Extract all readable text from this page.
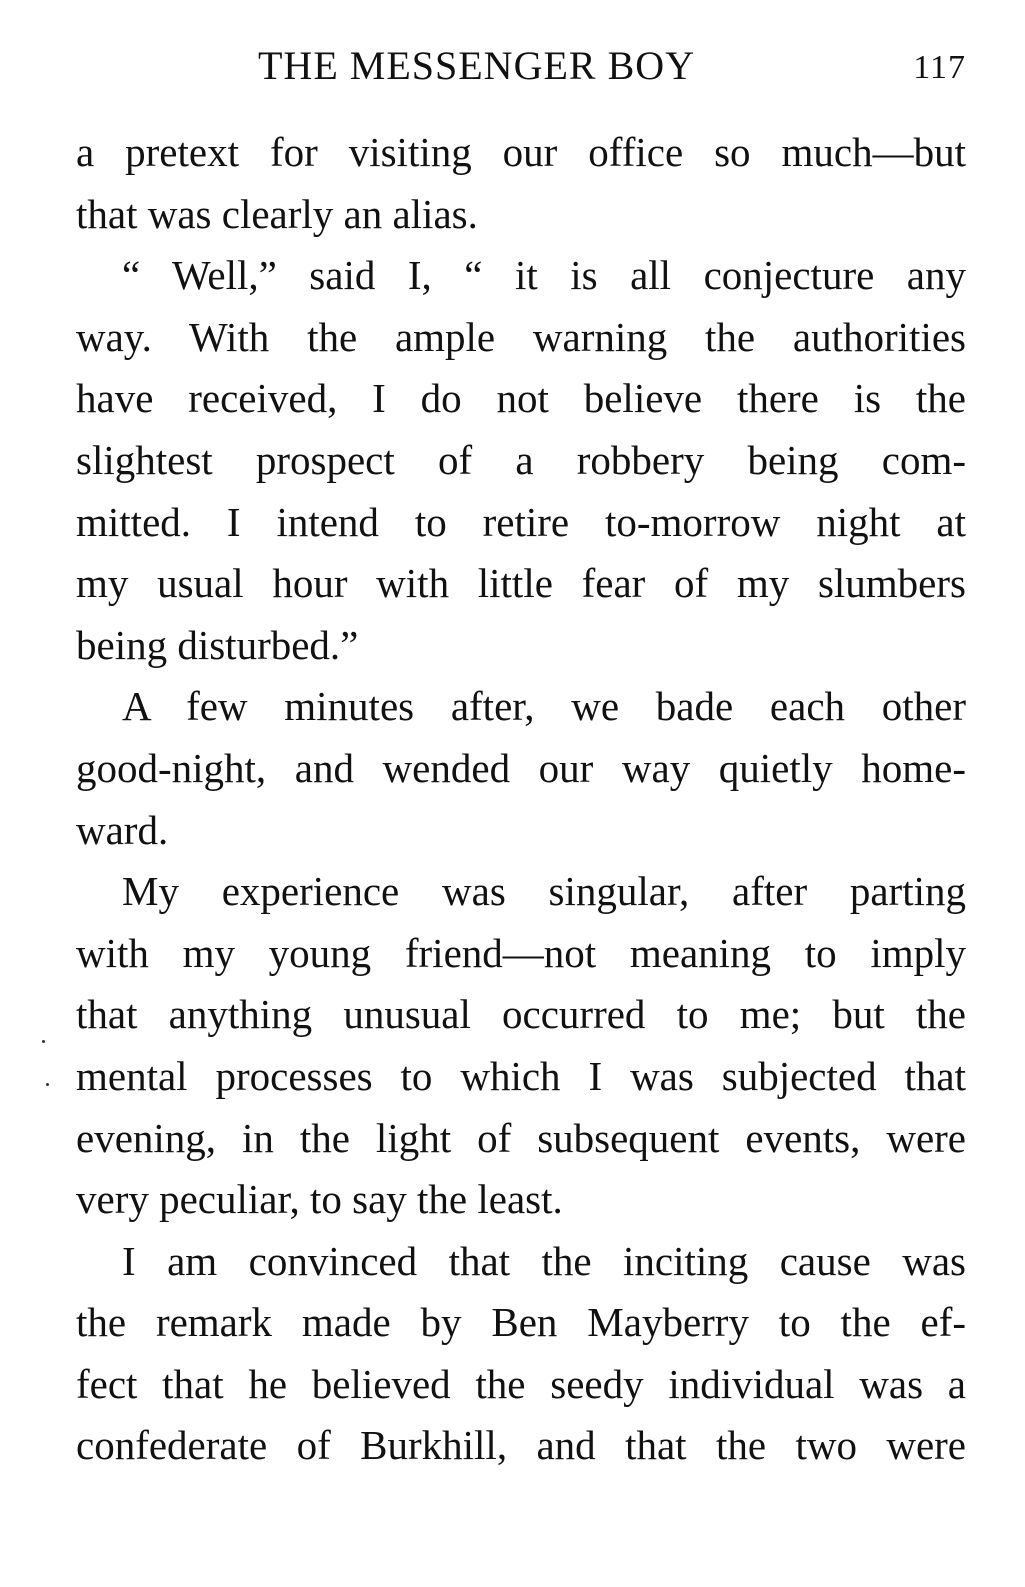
THE MESSENGER BOY	117
a pretext for visiting our office so much—but
that was clearly an alias.
“ Well,” said I, “ it is all conjecture any
way. With the ample warning the authorities
have received, I do not believe there is the
slightest prospect of a robbery being com-
mitted. I intend to retire to-morrow night at
my usual hour with little fear of my slumbers
being disturbed.”
A few minutes after, we bade each other
good-night, and wended our way quietly home-
ward.
My experience was singular, after parting
with my young friend—not meaning to imply
that anything unusual occurred to me; but the
mental processes to which I was subjected that
evening, in the light of subsequent events, were
very peculiar, to say the least.
I am convinced that the inciting cause was
the remark made by Ben Mayberry to the ef-
fect that he believed the seedy individual was a
confederate of Burkhill, and that the two were
